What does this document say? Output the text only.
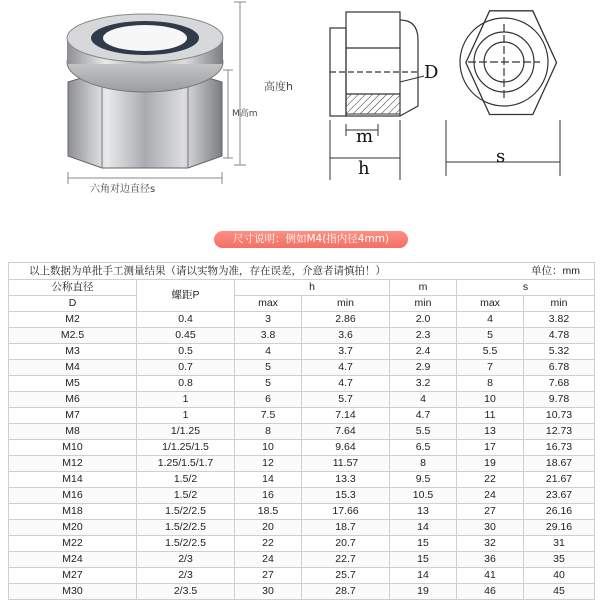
高度h
M高m
六角对边直径s
D
m
h
s
尺寸说明：例如M4(指内径4mm)
以上数据为单批手工测量结果（请以实物为准，存在误差，介意者请慎拍！） 单位：mm						

公称直径	螺距P	h		m	s	
D		max	min	min	max	min
M2	0.4	3	2.86	2.0	4	3.82
M2.5	0.45	3.8	3.6	2.3	5	4.78
M3	0.5	4	3.7	2.4	5.5	5.32
M4	0.7	5	4.7	2.9	7	6.78
M5	0.8	5	4.7	3.2	8	7.68
M6	1	6	5.7	4	10	9.78
M7	1	7.5	7.14	4.7	11	10.73
M8	1/1.25	8	7.64	5.5	13	12.73
M10	1/1.25/1.5	10	9.64	6.5	17	16.73
M12	1.25/1.5/1.7	12	11.57	8	19	18.67
M14	1.5/2	14	13.3	9.5	22	21.67
M16	1.5/2	16	15.3	10.5	24	23.67
M18	1.5/2/2.5	18.5	17.66	13	27	26.16
M20	1.5/2/2.5	20	18.7	14	30	29.16
M22	1.5/2/2.5	22	20.7	15	32	31
M24	2/3	24	22.7	15	36	35
M27	2/3	27	25.7	14	41	40
M30	2/3.5	30	28.7	19	46	45
